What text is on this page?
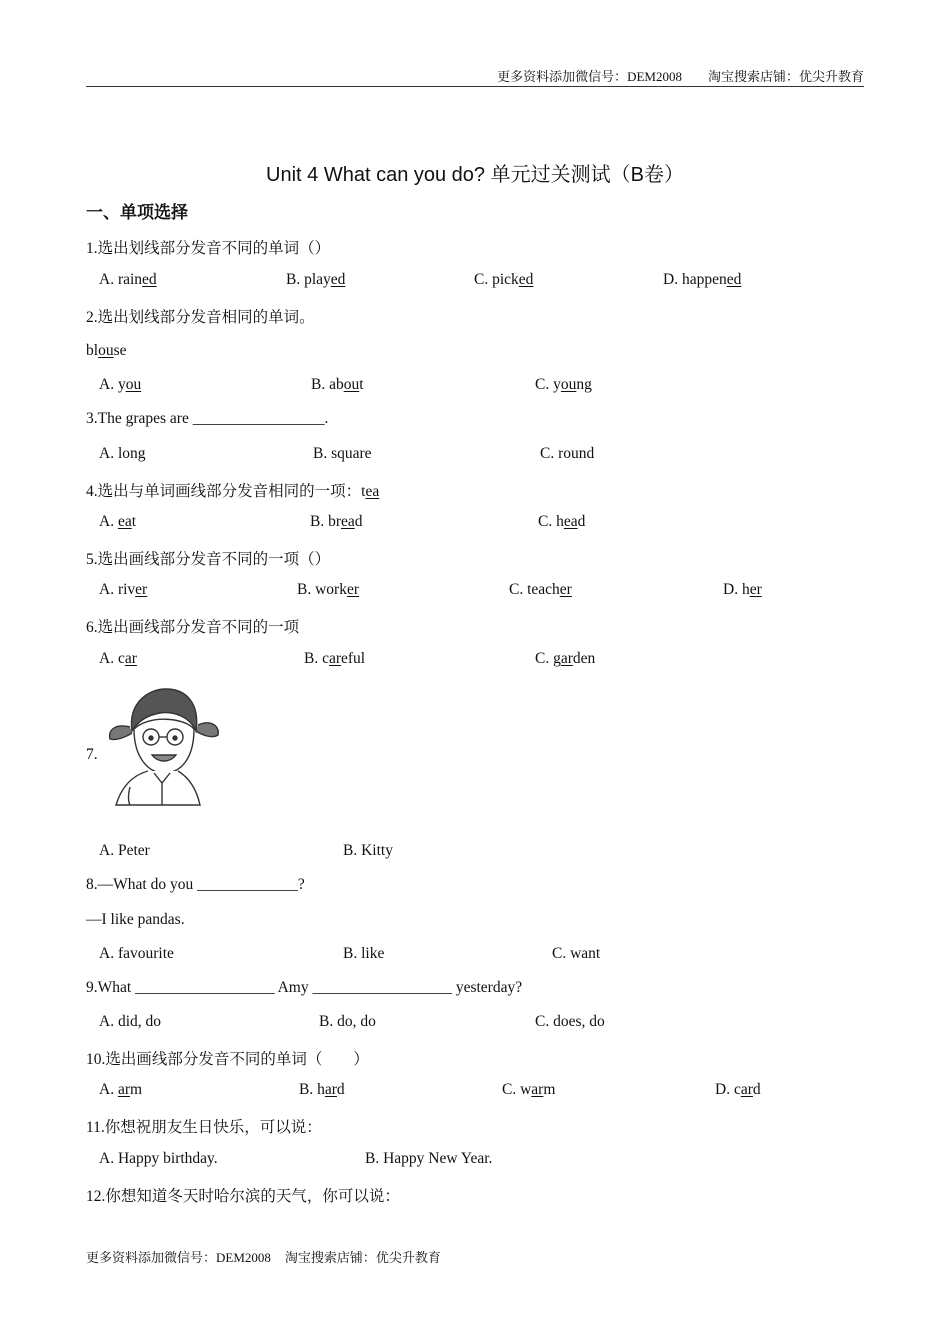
更多资料添加微信号：DEM2008 淘宝搜索店铺：优尖升教育
Unit 4 What can you do? 单元过关测试（B卷）
一、单项选择
1.选出划线部分发音不同的单词（）
A. rained	B. played	C. picked	D. happened
2.选出划线部分发音相同的单词。
blouse
A. you	B. about	C. young
3.The grapes are _________________.
A. long	B. square	C. round
4.选出与单词画线部分发音相同的一项：tea
A. eat	B. bread	C. head
5.选出画线部分发音不同的一项（）
A. river	B. worker	C. teacher	D. her
6.选出画线部分发音不同的一项
A. car	B. careful	C. garden
7.
A. Peter	B. Kitty
8.—What do you _____________?
—I like pandas.
A. favourite	B. like	C. want
9.What __________________ Amy __________________ yesterday?
A. did, do	B. do, do	C. does, do
10.选出画线部分发音不同的单词（　　）
A. arm	B. hard	C. warm	D. card
11.你想祝朋友生日快乐，可以说：
A. Happy birthday.	B. Happy New Year.
12.你想知道冬天时哈尔滨的天气，你可以说：
更多资料添加微信号：DEM2008 淘宝搜索店铺：优尖升教育
